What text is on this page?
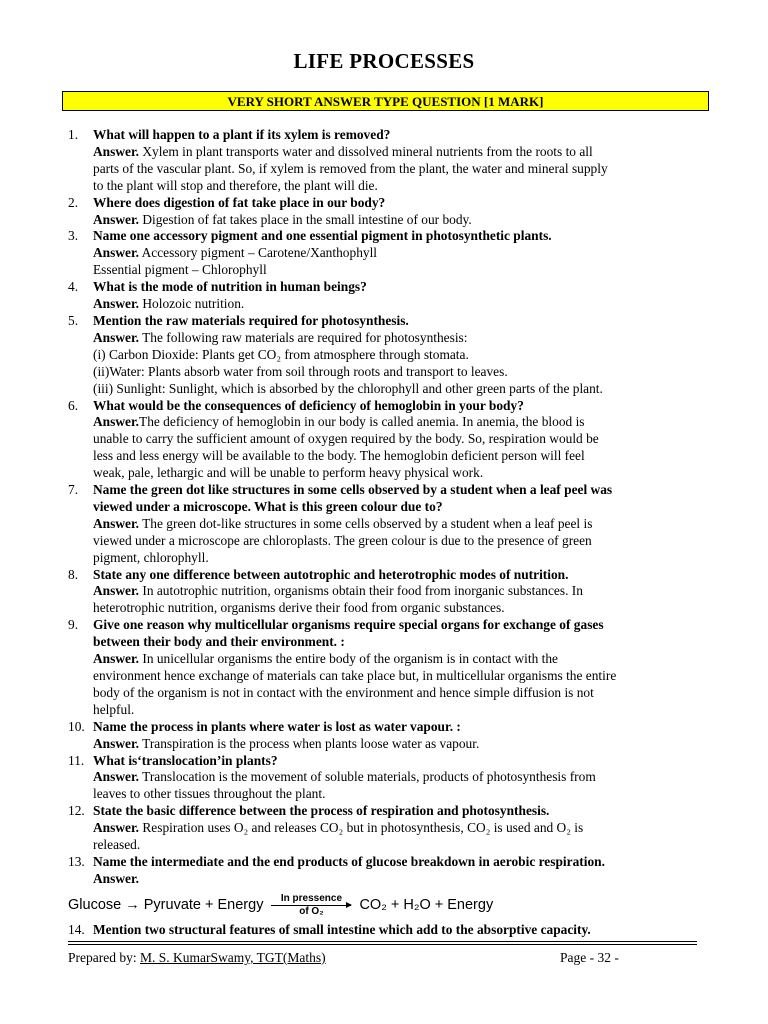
LIFE PROCESSES
VERY SHORT ANSWER TYPE QUESTION [1 MARK]
1.	What will happen to a plant if its xylem is removed?
Answer. Xylem in plant transports water and dissolved mineral nutrients from the roots to all
parts of the vascular plant. So, if xylem is removed from the plant, the water and mineral supply
to the plant will stop and therefore, the plant will die.
2.	Where does digestion of fat take place in our body?
Answer. Digestion of fat takes place in the small intestine of our body.
3.	Name one accessory pigment and one essential pigment in photosynthetic plants.
Answer. Accessory pigment – Carotene/Xanthophyll
Essential pigment – Chlorophyll
4.	What is the mode of nutrition in human beings?
Answer. Holozoic nutrition.
5.	Mention the raw materials required for photosynthesis.
Answer. The following raw materials are required for photosynthesis:
(i) Carbon Dioxide: Plants get CO₂ from atmosphere through stomata.
(ii)Water: Plants absorb water from soil through roots and transport to leaves.
(iii) Sunlight: Sunlight, which is absorbed by the chlorophyll and other green parts of the plant.
6.	What would be the consequences of deficiency of hemoglobin in your body?
Answer.The deficiency of hemoglobin in our body is called anemia. In anemia, the blood is
unable to carry the sufficient amount of oxygen required by the body. So, respiration would be
less and less energy will be available to the body. The hemoglobin deficient person will feel
weak, pale, lethargic and will be unable to perform heavy physical work.
7.	Name the green dot like structures in some cells observed by a student when a leaf peel was
viewed under a microscope. What is this green colour due to?
Answer. The green dot-like structures in some cells observed by a student when a leaf peel is
viewed under a microscope are chloroplasts. The green colour is due to the presence of green
pigment, chlorophyll.
8.	State any one difference between autotrophic and heterotrophic modes of nutrition.
Answer. In autotrophic nutrition, organisms obtain their food from inorganic substances. In
heterotrophic nutrition, organisms derive their food from organic substances.
9.	Give one reason why multicellular organisms require special organs for exchange of gases
between their body and their environment. :
Answer. In unicellular organisms the entire body of the organism is in contact with the
environment hence exchange of materials can take place but, in multicellular organisms the entire
body of the organism is not in contact with the environment and hence simple diffusion is not
helpful.
10. Name the process in plants where water is lost as water vapour. :
Answer. Transpiration is the process when plants loose water as vapour.
11. What is‘translocation’in plants?
Answer. Translocation is the movement of soluble materials, products of photosynthesis from
leaves to other tissues throughout the plant.
12. State the basic difference between the process of respiration and photosynthesis.
Answer. Respiration uses O₂ and releases CO₂ but in photosynthesis, CO₂ is used and O₂ is
released.
13. Name the intermediate and the end products of glucose breakdown in aerobic respiration.
Answer.
Glucose → Pyruvate + Energy In pressence
of O₂ CO₂ + H₂O + Energy
14. Mention two structural features of small intestine which add to the absorptive capacity.
Prepared by: M. S. KumarSwamy, TGT(Maths)	Page - 32 -
